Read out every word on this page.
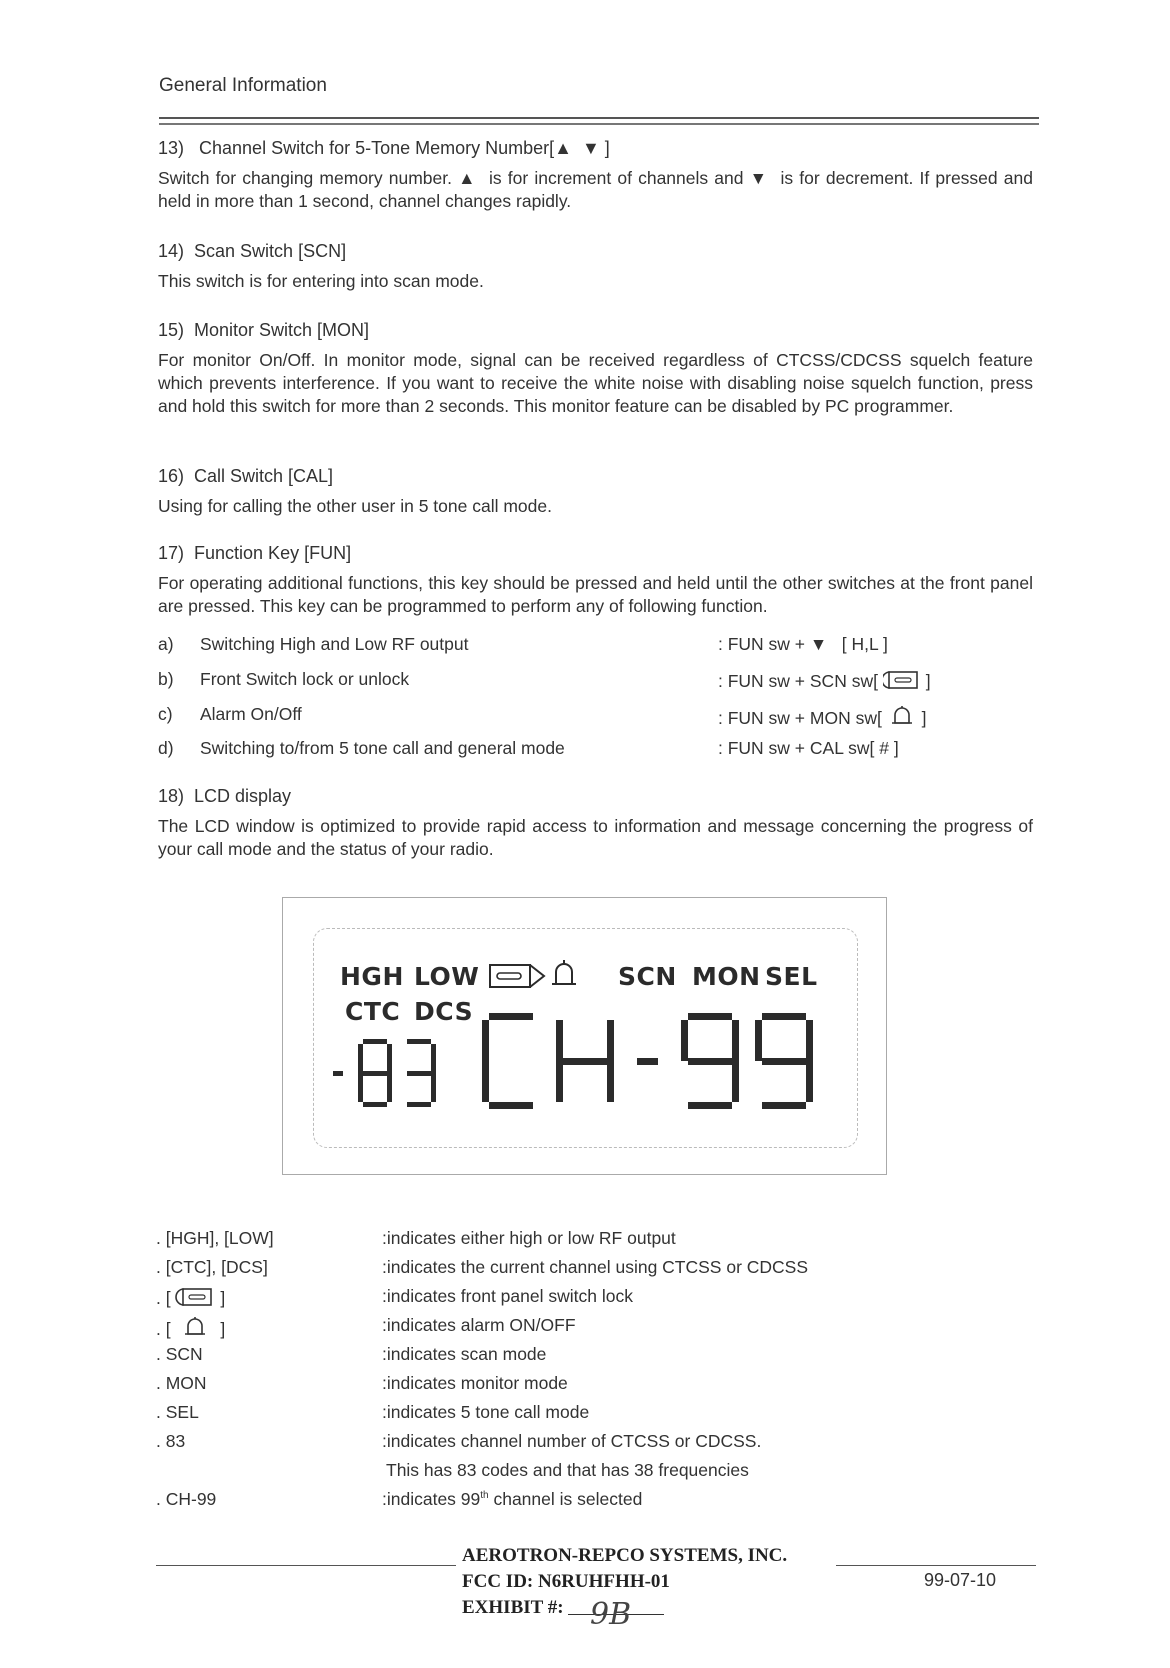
General Information

13)   Channel Switch for 5-Tone Memory Number[▲  ▼ ]

Switch for changing memory number. ▲  is for increment of channels and ▼  is for decrement. If pressed and held in more than 1 second, channel changes rapidly.

14)  Scan Switch [SCN]

This switch is for entering into scan mode.

15)  Monitor Switch [MON]

For monitor On/Off. In monitor mode, signal can be received regardless of CTCSS/CDCSS squelch feature which prevents interference. If you want to receive the white noise with disabling noise squelch function, press and hold this switch for more than 2 seconds. This monitor feature can be disabled by PC programmer.

16)  Call Switch [CAL]

Using for calling the other user in 5 tone call mode.

17)  Function Key [FUN]

For operating additional functions, this key should be pressed and held until the other switches at the front panel are pressed. This key can be programmed to perform any of following function.

a) Switching High and Low RF output	: FUN sw + ▼   [ H,L ]
b) Front Switch lock or unlock	: FUN sw + SCN sw[	]
c) Alarm On/Off	: FUN sw + MON sw[ ]
d) Switching to/from 5 tone call and general mode	: FUN sw + CAL sw[ # ]

18)  LCD display

The LCD window is optimized to provide rapid access to information and message concerning the progress of your call mode and the status of your radio.

HGH LOW	SCN MON SEL
CTC DCS
. [HGH], [LOW]	:indicates either high or low RF output
. [CTC], [DCS]	:indicates the current channel using CTCSS or CDCSS
. [	]	:indicates front panel switch lock
. [	]	:indicates alarm ON/OFF
. SCN	:indicates scan mode
. MON	:indicates monitor mode
. SEL	:indicates 5 tone call mode
. 83	:indicates channel number of CTCSS or CDCSS.
This has 83 codes and that has 38 frequencies
. CH-99	:indicates 99th channel is selected
AEROTRON-REPCO SYSTEMS, INC.
FCC ID: N6RUHFHH-01
EXHIBIT #: 9B
99-07-10
